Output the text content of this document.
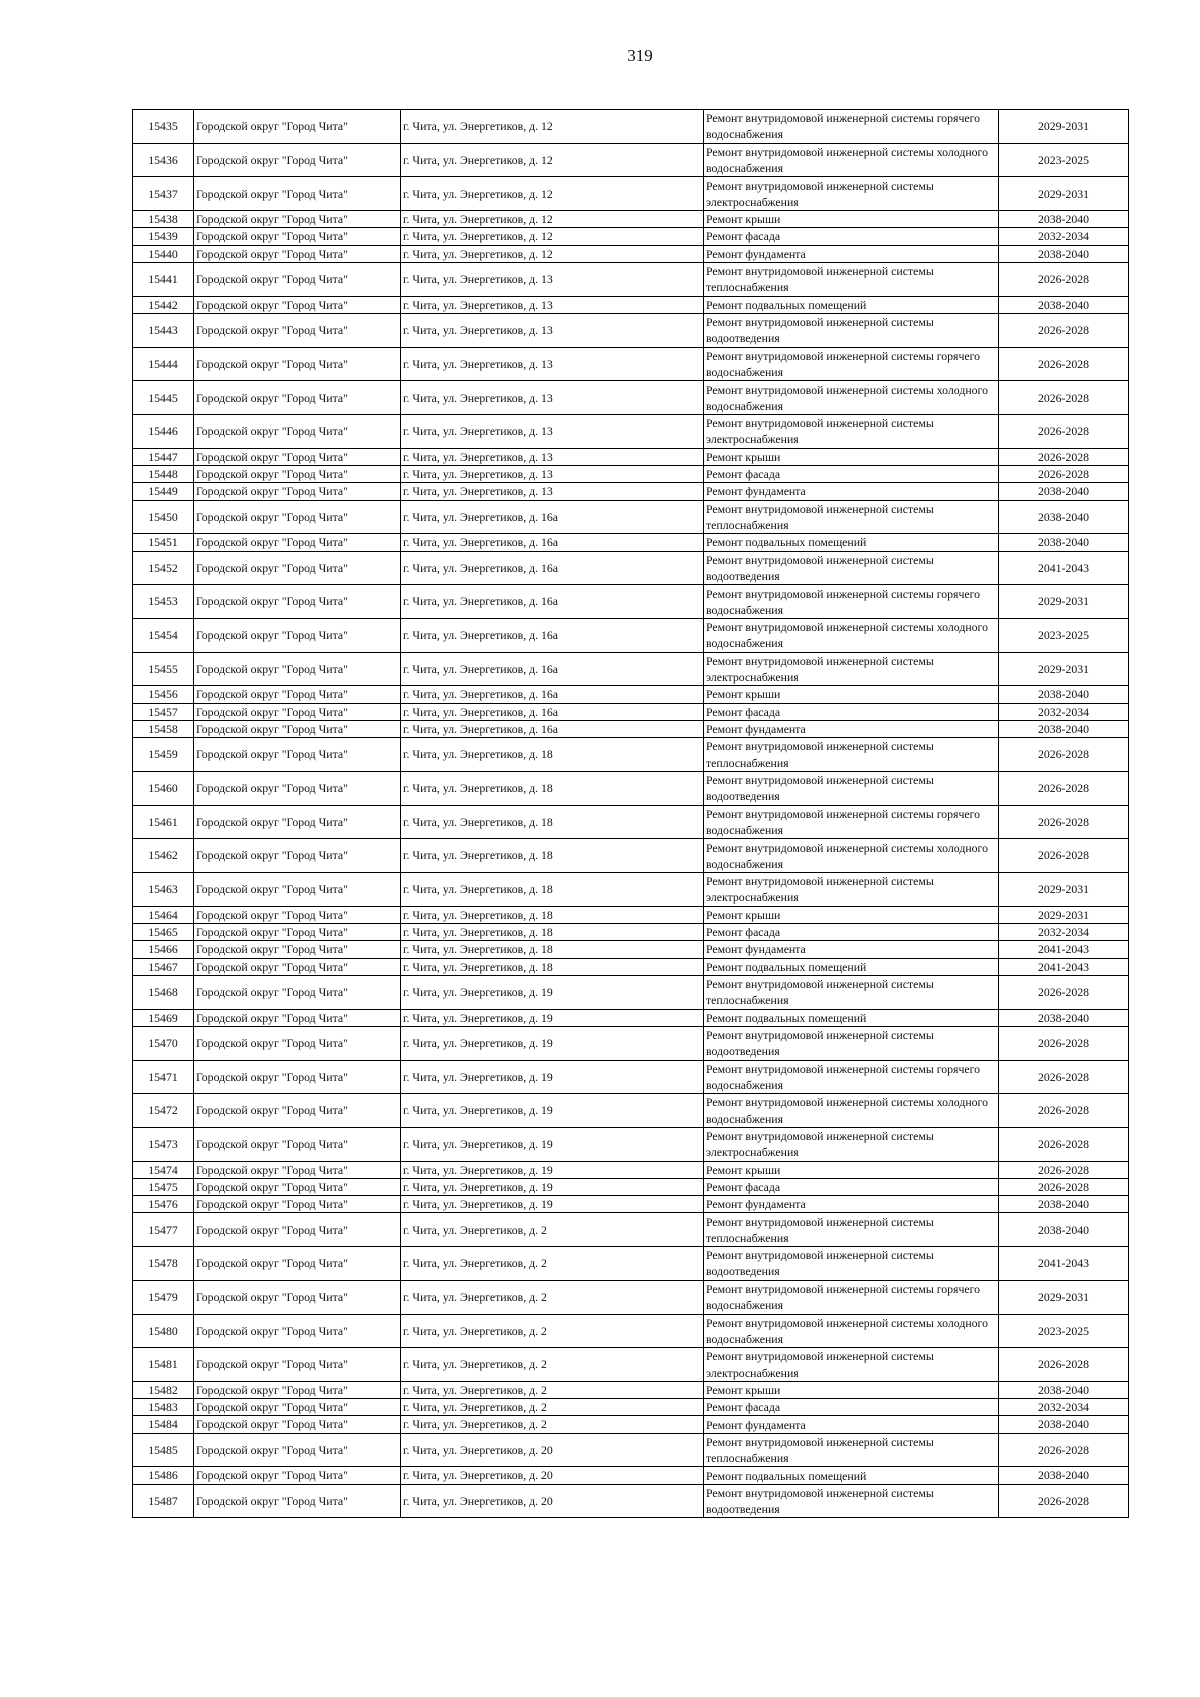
319
15435	Городской округ "Город Чита"	г. Чита, ул. Энергетиков, д. 12	Ремонт внутридомовой инженерной системы горячего водоснабжения	2029-2031
15436	Городской округ "Город Чита"	г. Чита, ул. Энергетиков, д. 12	Ремонт внутридомовой инженерной системы холодного водоснабжения	2023-2025
15437	Городской округ "Город Чита"	г. Чита, ул. Энергетиков, д. 12	Ремонт внутридомовой инженерной системы электроснабжения	2029-2031
15438	Городской округ "Город Чита"	г. Чита, ул. Энергетиков, д. 12	Ремонт крыши	2038-2040
15439	Городской округ "Город Чита"	г. Чита, ул. Энергетиков, д. 12	Ремонт фасада	2032-2034
15440	Городской округ "Город Чита"	г. Чита, ул. Энергетиков, д. 12	Ремонт фундамента	2038-2040
15441	Городской округ "Город Чита"	г. Чита, ул. Энергетиков, д. 13	Ремонт внутридомовой инженерной системы теплоснабжения	2026-2028
15442	Городской округ "Город Чита"	г. Чита, ул. Энергетиков, д. 13	Ремонт подвальных помещений	2038-2040
15443	Городской округ "Город Чита"	г. Чита, ул. Энергетиков, д. 13	Ремонт внутридомовой инженерной системы водоотведения	2026-2028
15444	Городской округ "Город Чита"	г. Чита, ул. Энергетиков, д. 13	Ремонт внутридомовой инженерной системы горячего водоснабжения	2026-2028
15445	Городской округ "Город Чита"	г. Чита, ул. Энергетиков, д. 13	Ремонт внутридомовой инженерной системы холодного водоснабжения	2026-2028
15446	Городской округ "Город Чита"	г. Чита, ул. Энергетиков, д. 13	Ремонт внутридомовой инженерной системы электроснабжения	2026-2028
15447	Городской округ "Город Чита"	г. Чита, ул. Энергетиков, д. 13	Ремонт крыши	2026-2028
15448	Городской округ "Город Чита"	г. Чита, ул. Энергетиков, д. 13	Ремонт фасада	2026-2028
15449	Городской округ "Город Чита"	г. Чита, ул. Энергетиков, д. 13	Ремонт фундамента	2038-2040
15450	Городской округ "Город Чита"	г. Чита, ул. Энергетиков, д. 16а	Ремонт внутридомовой инженерной системы теплоснабжения	2038-2040
15451	Городской округ "Город Чита"	г. Чита, ул. Энергетиков, д. 16а	Ремонт подвальных помещений	2038-2040
15452	Городской округ "Город Чита"	г. Чита, ул. Энергетиков, д. 16а	Ремонт внутридомовой инженерной системы водоотведения	2041-2043
15453	Городской округ "Город Чита"	г. Чита, ул. Энергетиков, д. 16а	Ремонт внутридомовой инженерной системы горячего водоснабжения	2029-2031
15454	Городской округ "Город Чита"	г. Чита, ул. Энергетиков, д. 16а	Ремонт внутридомовой инженерной системы холодного водоснабжения	2023-2025
15455	Городской округ "Город Чита"	г. Чита, ул. Энергетиков, д. 16а	Ремонт внутридомовой инженерной системы электроснабжения	2029-2031
15456	Городской округ "Город Чита"	г. Чита, ул. Энергетиков, д. 16а	Ремонт крыши	2038-2040
15457	Городской округ "Город Чита"	г. Чита, ул. Энергетиков, д. 16а	Ремонт фасада	2032-2034
15458	Городской округ "Город Чита"	г. Чита, ул. Энергетиков, д. 16а	Ремонт фундамента	2038-2040
15459	Городской округ "Город Чита"	г. Чита, ул. Энергетиков, д. 18	Ремонт внутридомовой инженерной системы теплоснабжения	2026-2028
15460	Городской округ "Город Чита"	г. Чита, ул. Энергетиков, д. 18	Ремонт внутридомовой инженерной системы водоотведения	2026-2028
15461	Городской округ "Город Чита"	г. Чита, ул. Энергетиков, д. 18	Ремонт внутридомовой инженерной системы горячего водоснабжения	2026-2028
15462	Городской округ "Город Чита"	г. Чита, ул. Энергетиков, д. 18	Ремонт внутридомовой инженерной системы холодного водоснабжения	2026-2028
15463	Городской округ "Город Чита"	г. Чита, ул. Энергетиков, д. 18	Ремонт внутридомовой инженерной системы электроснабжения	2029-2031
15464	Городской округ "Город Чита"	г. Чита, ул. Энергетиков, д. 18	Ремонт крыши	2029-2031
15465	Городской округ "Город Чита"	г. Чита, ул. Энергетиков, д. 18	Ремонт фасада	2032-2034
15466	Городской округ "Город Чита"	г. Чита, ул. Энергетиков, д. 18	Ремонт фундамента	2041-2043
15467	Городской округ "Город Чита"	г. Чита, ул. Энергетиков, д. 18	Ремонт подвальных помещений	2041-2043
15468	Городской округ "Город Чита"	г. Чита, ул. Энергетиков, д. 19	Ремонт внутридомовой инженерной системы теплоснабжения	2026-2028
15469	Городской округ "Город Чита"	г. Чита, ул. Энергетиков, д. 19	Ремонт подвальных помещений	2038-2040
15470	Городской округ "Город Чита"	г. Чита, ул. Энергетиков, д. 19	Ремонт внутридомовой инженерной системы водоотведения	2026-2028
15471	Городской округ "Город Чита"	г. Чита, ул. Энергетиков, д. 19	Ремонт внутридомовой инженерной системы горячего водоснабжения	2026-2028
15472	Городской округ "Город Чита"	г. Чита, ул. Энергетиков, д. 19	Ремонт внутридомовой инженерной системы холодного водоснабжения	2026-2028
15473	Городской округ "Город Чита"	г. Чита, ул. Энергетиков, д. 19	Ремонт внутридомовой инженерной системы электроснабжения	2026-2028
15474	Городской округ "Город Чита"	г. Чита, ул. Энергетиков, д. 19	Ремонт крыши	2026-2028
15475	Городской округ "Город Чита"	г. Чита, ул. Энергетиков, д. 19	Ремонт фасада	2026-2028
15476	Городской округ "Город Чита"	г. Чита, ул. Энергетиков, д. 19	Ремонт фундамента	2038-2040
15477	Городской округ "Город Чита"	г. Чита, ул. Энергетиков, д. 2	Ремонт внутридомовой инженерной системы теплоснабжения	2038-2040
15478	Городской округ "Город Чита"	г. Чита, ул. Энергетиков, д. 2	Ремонт внутридомовой инженерной системы водоотведения	2041-2043
15479	Городской округ "Город Чита"	г. Чита, ул. Энергетиков, д. 2	Ремонт внутридомовой инженерной системы горячего водоснабжения	2029-2031
15480	Городской округ "Город Чита"	г. Чита, ул. Энергетиков, д. 2	Ремонт внутридомовой инженерной системы холодного водоснабжения	2023-2025
15481	Городской округ "Город Чита"	г. Чита, ул. Энергетиков, д. 2	Ремонт внутридомовой инженерной системы электроснабжения	2026-2028
15482	Городской округ "Город Чита"	г. Чита, ул. Энергетиков, д. 2	Ремонт крыши	2038-2040
15483	Городской округ "Город Чита"	г. Чита, ул. Энергетиков, д. 2	Ремонт фасада	2032-2034
15484	Городской округ "Город Чита"	г. Чита, ул. Энергетиков, д. 2	Ремонт фундамента	2038-2040
15485	Городской округ "Город Чита"	г. Чита, ул. Энергетиков, д. 20	Ремонт внутридомовой инженерной системы теплоснабжения	2026-2028
15486	Городской округ "Город Чита"	г. Чита, ул. Энергетиков, д. 20	Ремонт подвальных помещений	2038-2040
15487	Городской округ "Город Чита"	г. Чита, ул. Энергетиков, д. 20	Ремонт внутридомовой инженерной системы водоотведения	2026-2028
